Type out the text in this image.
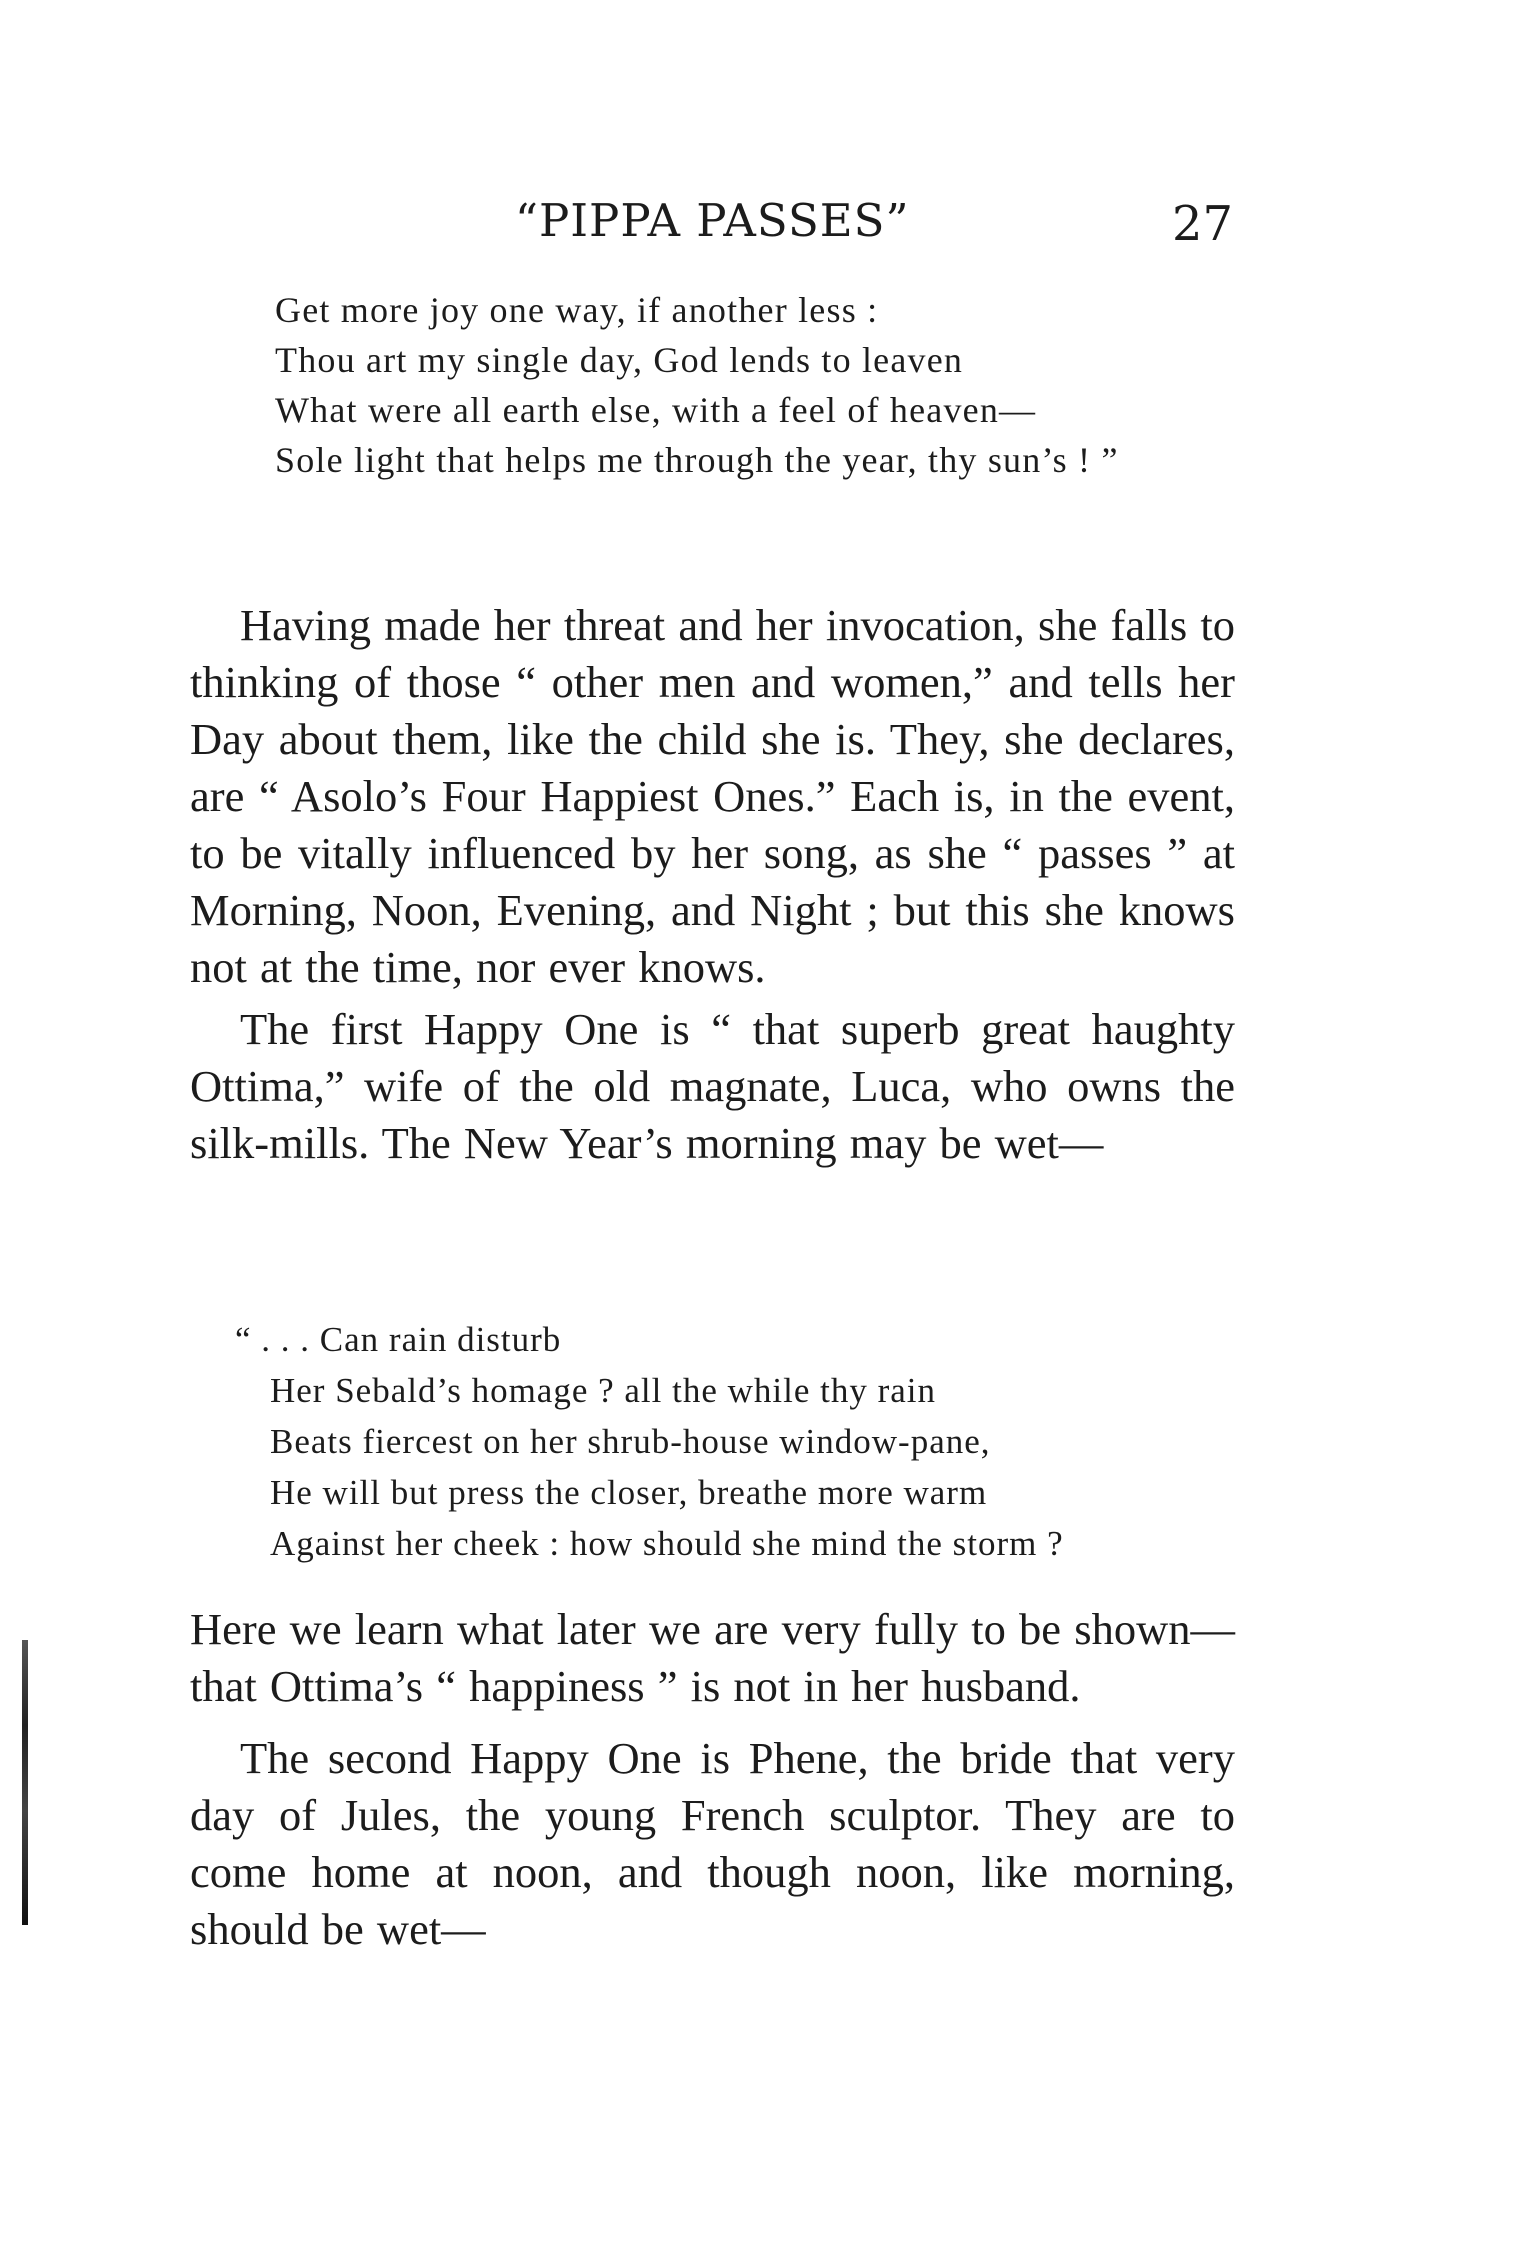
“PIPPA PASSES”	27
Get more joy one way, if another less :
Thou art my single day, God lends to leaven
What were all earth else, with a feel of heaven—
Sole light that helps me through the year, thy sun’s ! ”

Having made her threat and her invocation, she falls to thinking of those “ other men and women,” and tells her Day about them, like the child she is. They, she declares, are “ Asolo’s Four Happiest Ones.” Each is, in the event, to be vitally influenced by her song, as she “ passes ” at Morning, Noon, Evening, and Night ; but this she knows not at the time, nor ever knows.

The first Happy One is “ that superb great haughty Ottima,” wife of the old magnate, Luca, who owns the silk-mills. The New Year’s morning may be wet—

“ . . . Can rain disturb
Her Sebald’s homage ? all the while thy rain
Beats fiercest on her shrub-house window-pane,
He will but press the closer, breathe more warm
Against her cheek : how should she mind the storm ?

Here we learn what later we are very fully to be shown—that Ottima’s “ happiness ” is not in her husband.

The second Happy One is Phene, the bride that very day of Jules, the young French sculptor. They are to come home at noon, and though noon, like morning, should be wet—
